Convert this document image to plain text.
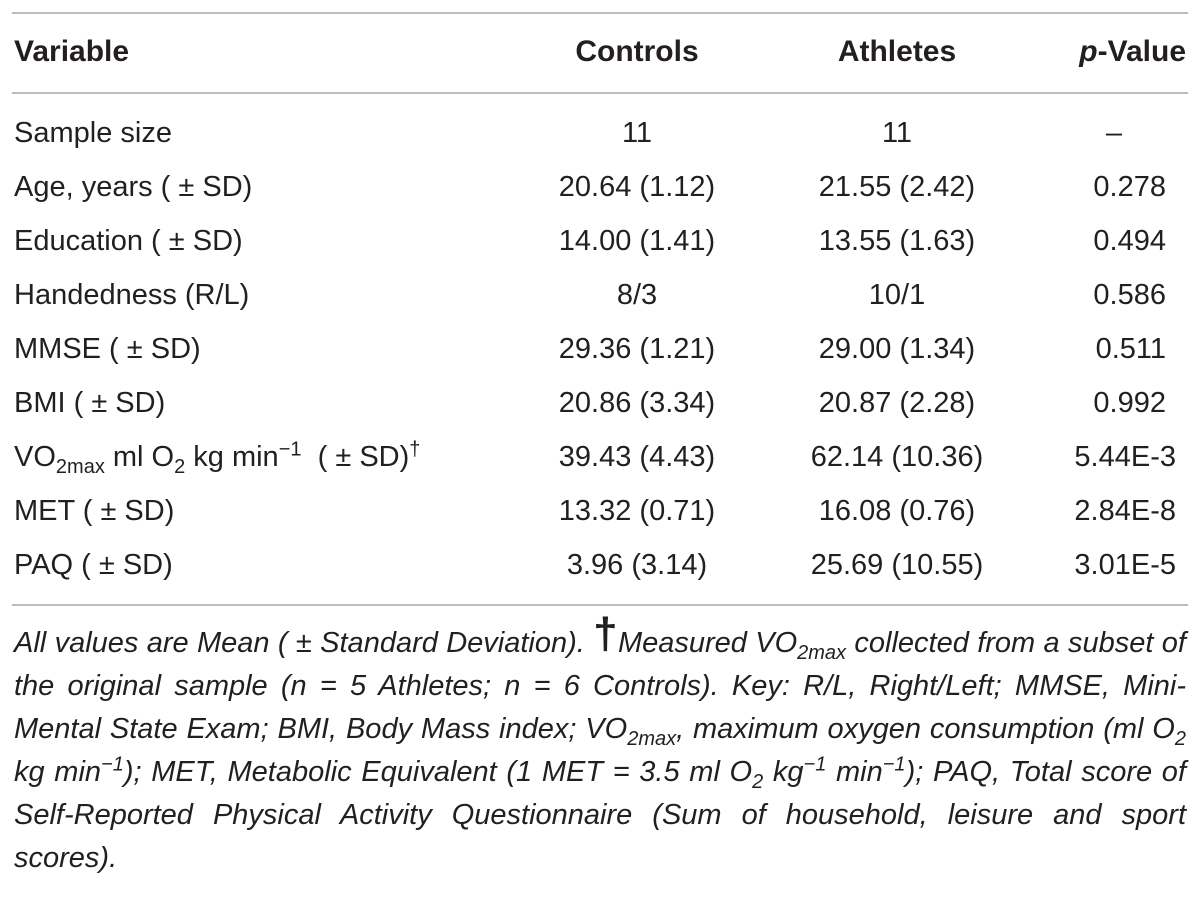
Variable	Controls	Athletes	p-Value
Sample size	11	11	–
Age, years ( ± SD)	20.64 (1.12)	21.55 (2.42)	0.278
Education ( ± SD)	14.00 (1.41)	13.55 (1.63)	0.494
Handedness (R/L)	8/3	10/1	0.586
MMSE ( ± SD)	29.36 (1.21)	29.00 (1.34)	0.511
BMI ( ± SD)	20.86 (3.34)	20.87 (2.28)	0.992
$VO_{2max}$ ml $O_2$ kg $\min^{-1}$  ( ± SD)†	39.43 (4.43)	62.14 (10.36)	5.44E-3
MET ( ± SD)	13.32 (0.71)	16.08 (0.76)	2.84E-8
PAQ ( ± SD)	3.96 (3.14)	25.69 (10.55)	3.01E-5
All values are Mean ( ± Standard Deviation). †Measured $VO_{2max}$ collected from a subset of the original sample (n = 5 Athletes; n = 6 Controls). Key: R/L, Right/Left; MMSE, Mini-Mental State Exam; BMI, Body Mass index; $VO_{2max}$, maximum oxygen consumption (ml $O_2$ kg $\min^{-1}$); MET, Metabolic Equivalent (1 MET = 3.5 ml $O_2$ $kg^{-1}$ $\min^{-1}$); PAQ, Total score of Self-Reported Physical Activity Questionnaire (Sum of household, leisure and sport scores).
